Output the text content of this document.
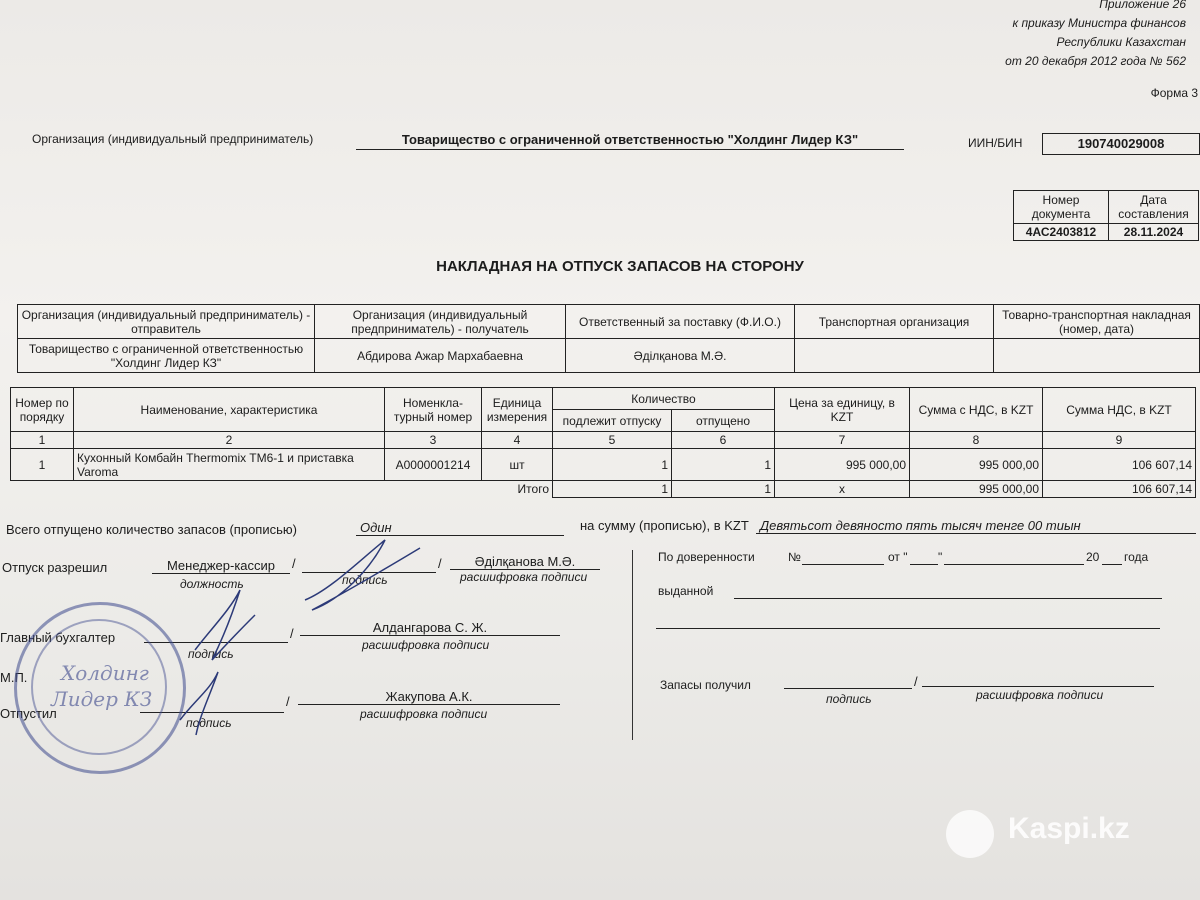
Приложение 26
к приказу Министра финансов
Республики Казахстан
от 20 декабря 2012 года № 562
Форма 3
Организация (индивидуальный предприниматель)	Товарищество с ограниченной ответственностью "Холдинг Лидер КЗ"	ИИН/БИН	190740029008
Номер документа	Дата составления
4АС2403812	28.11.2024
НАКЛАДНАЯ НА ОТПУСК ЗАПАСОВ НА СТОРОНУ
Организация (индивидуальный предприниматель) - отправитель	Организация (индивидуальный предприниматель) - получатель	Ответственный за поставку (Ф.И.О.)	Транспортная организация	Товарно-транспортная накладная (номер, дата)
Товарищество с ограниченной ответственностью "Холдинг Лидер КЗ"	Абдирова Ажар Мархабаевна	Әділқанова М.Ә.		
Номер по порядку	Наименование, характеристика	Номенкла-турный номер	Единица измерения	Количество		Цена за единицу, в KZT	Сумма с НДС, в KZT	Сумма НДС, в KZT
				подлежит отпуску	отпущено			
1	2	3	4	5	6	7	8	9
1	Кухонный Комбайн Thermomix TM6-1 и приставка Varoma	А0000001214	шт	1	1	995 000,00	995 000,00	106 607,14
Итого				1	1	х	995 000,00	106 607,14
Всего отпущено количество запасов (прописью)	Один	на сумму (прописью), в KZT Девятьсот девяносто пять тысяч тенге 00 тиын
Отпуск разрешил	Менеджер-кассир	/	/	Әділқанова М.Ә.
должность	подпись	расшифровка подписи
Главный бухгалтер	/	Алдангарова С. Ж.
подпись
расшифровка подписи
М.П.
Отпустил
/	Жакупова А.К.
подпись
расшифровка подписи
По доверенности	№	от "	"	20 года
выданной
Запасы получил	/
подпись	расшифровка подписи
Холдинг
Лидер КЗ
Kaspi.kz
